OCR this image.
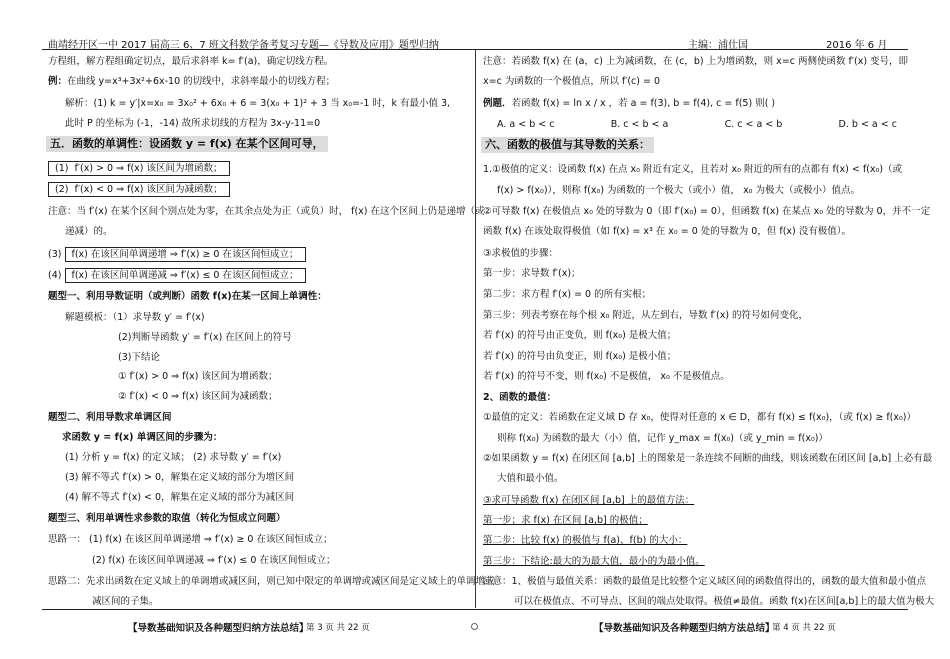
曲靖经开区一中 2017 届高三 6、7 班文科数学备考复习专题—《导数及应用》题型归纳	主编：浦仕国	2016 年 6 月
方程组，解方程组确定切点，最后求斜率 k= f′(a)，确定切线方程。
例：在曲线 y=x³+3x²+6x-10 的切线中，求斜率最小的切线方程；
解析：(1) k = y′|x=x₀ = 3x₀² + 6x₀ + 6 = 3(x₀ + 1)² + 3 当 x₀=-1 时，k 有最小值 3,
此时 P 的坐标为 (-1，-14) 故所求切线的方程为 3x-y-11=0
五．函数的单调性：设函数 y = f(x) 在某个区间可导，
(1) f′(x) > 0 ⇒ f(x) 该区间为增函数；
(2) f′(x) < 0 ⇒ f(x) 该区间为减函数；
注意：当 f′(x) 在某个区间个别点处为零，在其余点处为正（或负）时， f(x) 在这个区间上仍是递增（或
递减）的。
(3) f(x) 在该区间单调递增 ⇒ f′(x) ≥ 0 在该区间恒成立；
(4) f(x) 在该区间单调递减 ⇒ f′(x) ≤ 0 在该区间恒成立；
题型一、利用导数证明（或判断）函数 f(x)在某一区间上单调性：
解题模板：（1）求导数 y′ = f′(x)
(2)判断导函数 y′ = f′(x) 在区间上的符号
(3)下结论
① f′(x) > 0 ⇒ f(x) 该区间为增函数；
② f′(x) < 0 ⇒ f(x) 该区间为减函数；
题型二、利用导数求单调区间
求函数 y = f(x) 单调区间的步骤为：
(1) 分析 y = f(x) 的定义域； (2) 求导数 y′ = f′(x)
(3) 解不等式 f′(x) > 0，解集在定义域的部分为增区间
(4) 解不等式 f′(x) < 0，解集在定义域的部分为减区间
题型三、利用单调性求参数的取值（转化为恒成立问题）
思路一： (1) f(x) 在该区间单调递增 ⇒ f′(x) ≥ 0 在该区间恒成立；
(2) f(x) 在该区间单调递减 ⇒ f′(x) ≤ 0 在该区间恒成立；
思路二：先求出函数在定义域上的单调增或减区间，则已知中限定的单调增或减区间是定义域上的单调增或
减区间的子集。
注意：若函数 f(x) 在 (a，c) 上为减函数，在 (c，b) 上为增函数，则 x=c 两侧使函数 f′(x) 变号，即
x=c 为函数的一个极值点，所以 f′(c) = 0
例题．若函数 f(x) = ln x / x ，若 a = f(3), b = f(4), c = f(5) 则( )
A. a < b < c	B. c < b < a	C. c < a < b	D. b < a < c
六、函数的极值与其导数的关系：
1.①极值的定义：设函数 f(x) 在点 x₀ 附近有定义，且若对 x₀ 附近的所有的点都有 f(x) < f(x₀)（或
f(x) > f(x₀)），则称 f(x₀) 为函数的一个极大（或小）值， x₀ 为极大（或极小）值点。
②可导数 f(x) 在极值点 x₀ 处的导数为 0（即 f′(x₀) = 0），但函数 f(x) 在某点 x₀ 处的导数为 0，并不一定
函数 f(x) 在该处取得极值（如 f(x) = x³ 在 x₀ = 0 处的导数为 0，但 f(x) 没有极值）。
③求极值的步骤：
第一步：求导数 f′(x)；
第二步：求方程 f′(x) = 0 的所有实根；
第三步：列表考察在每个根 x₀ 附近，从左到右，导数 f′(x) 的符号如何变化，
若 f′(x) 的符号由正变负，则 f(x₀) 是极大值；
若 f′(x) 的符号由负变正，则 f(x₀) 是极小值；
若 f′(x) 的符号不变，则 f(x₀) 不是极值， x₀ 不是极值点。
2、函数的最值：
①最值的定义：若函数在定义域 D 存 x₀，使得对任意的 x ∈ D，都有 f(x) ≤ f(x₀)，（或 f(x) ≥ f(x₀)）
则称 f(x₀) 为函数的最大（小）值，记作 y_max = f(x₀)（或 y_min = f(x₀)）
②如果函数 y = f(x) 在闭区间 [a,b] 上的图象是一条连续不间断的曲线，则该函数在闭区间 [a,b] 上必有最
大值和最小值。
③求可导函数 f(x) 在闭区间 [a,b] 上的最值方法：
第一步；求 f(x) 在区间 [a,b] 的极值；
第二步：比较 f(x) 的极值与 f(a)、f(b) 的大小：
第三步：下结论:最大的为最大值，最小的为最小值。
注意：1、极值与最值关系：函数的最值是比较整个定义域区间的函数值得出的，函数的最大值和最小值点
可以在极值点、不可导点、区间的端点处取得。极值≠最值。函数 f(x)在区间[a,b]上的最大值为极大
【导数基础知识及各种题型归纳方法总结】
第 3 页 共 22 页	【导数基础知识及各种题型归纳方法总结】
第 4 页 共 22 页
